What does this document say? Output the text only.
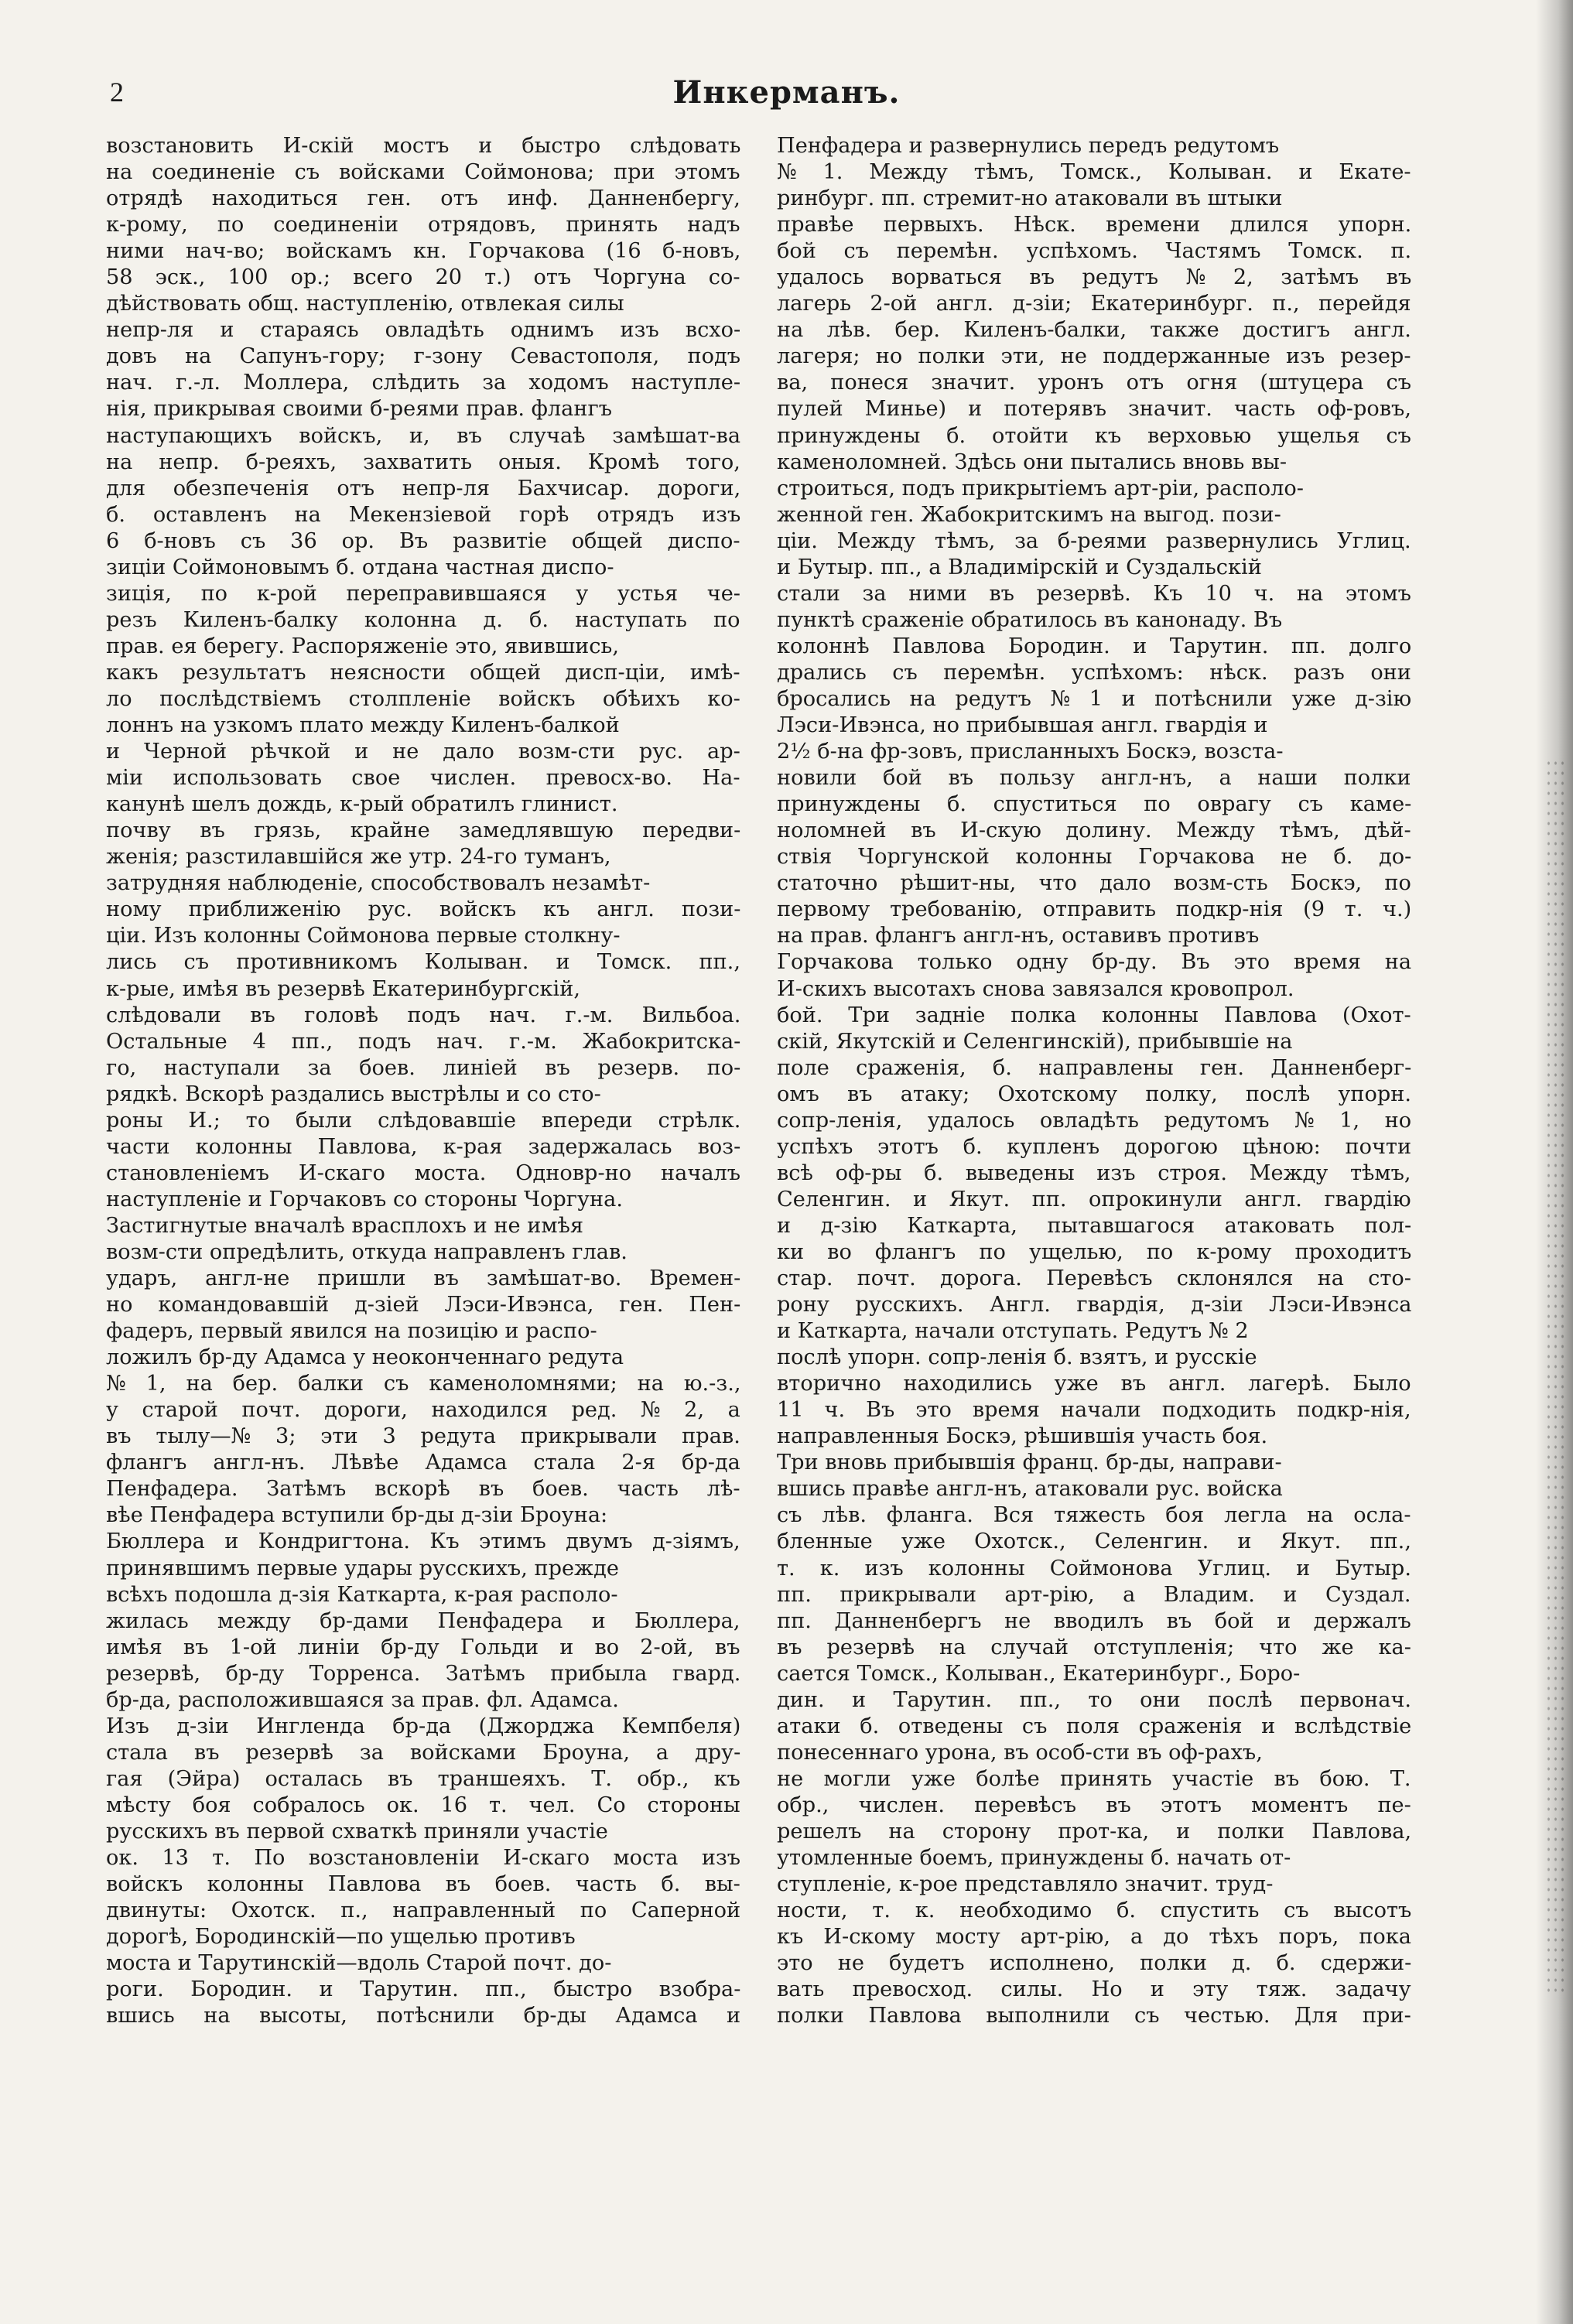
2	Инкерманъ.
возстановить И-скій мостъ и быстро слѣдовать
на соединеніе съ войсками Соймонова; при этомъ
отрядѣ находиться ген. отъ инф. Данненбергу,
к-рому, по соединеніи отрядовъ, принять надъ
ними нач-во; войскамъ кн. Горчакова (16 б-новъ,
58 эск., 100 ор.; всего 20 т.) отъ Чоргуна со-
дѣйствовать общ. наступленію, отвлекая силы
непр-ля и стараясь овладѣть однимъ изъ всхо-
довъ на Сапунъ-гору; г-зону Севастополя, подъ
нач. г.-л. Моллера, слѣдить за ходомъ наступле-
нія, прикрывая своими б-реями прав. флангъ
наступающихъ войскъ, и, въ случаѣ замѣшат-ва
на непр. б-реяхъ, захватить оныя. Кромѣ того,
для обезпеченія отъ непр-ля Бахчисар. дороги,
б. оставленъ на Мекензіевой горѣ отрядъ изъ
6 б-новъ съ 36 ор. Въ развитіе общей диспо-
зиціи Соймоновымъ б. отдана частная диспо-
зиція, по к-рой переправившаяся у устья че-
резъ Киленъ-балку колонна д. б. наступать по
прав. ея берегу. Распоряженіе это, явившись,
какъ результатъ неясности общей дисп-ціи, имѣ-
ло послѣдствіемъ столпленіе войскъ обѣихъ ко-
лоннъ на узкомъ плато между Киленъ-балкой
и Черной рѣчкой и не дало возм-сти рус. ар-
міи использовать свое числен. превосх-во. На-
канунѣ шелъ дождь, к-рый обратилъ глинист.
почву въ грязь, крайне замедлявшую передви-
женія; разстилавшійся же утр. 24-го туманъ,
затрудняя наблюденіе, способствовалъ незамѣт-
ному приближенію рус. войскъ къ англ. пози-
ціи. Изъ колонны Соймонова первые столкну-
лись съ противникомъ Колыван. и Томск. пп.,
к-рые, имѣя въ резервѣ Екатеринбургскій,
слѣдовали въ головѣ подъ нач. г.-м. Вильбоа.
Остальные 4 пп., подъ нач. г.-м. Жабокритска-
го, наступали за боев. линіей въ резерв. по-
рядкѣ. Вскорѣ раздались выстрѣлы и со сто-
роны И.; то были слѣдовавшіе впереди стрѣлк.
части колонны Павлова, к-рая задержалась воз-
становленіемъ И-скаго моста. Одновр-но началъ
наступленіе и Горчаковъ со стороны Чоргуна.
Застигнутые вначалѣ врасплохъ и не имѣя
возм-сти опредѣлить, откуда направленъ глав.
ударъ, англ-не пришли въ замѣшат-во. Времен-
но командовавшій д-зіей Лэси-Ивэнса, ген. Пен-
фадеръ, первый явился на позицію и распо-
ложилъ бр-ду Адамса у неоконченнаго редута
№ 1, на бер. балки съ каменоломнями; на ю.-з.,
у старой почт. дороги, находился ред. № 2, а
въ тылу—№ 3; эти 3 редута прикрывали прав.
флангъ англ-нъ. Лѣвѣе Адамса стала 2-я бр-да
Пенфадера. Затѣмъ вскорѣ въ боев. часть лѣ-
вѣе Пенфадера вступили бр-ды д-зіи Броуна:
Бюллера и Кондригтона. Къ этимъ двумъ д-зіямъ,
принявшимъ первые удары русскихъ, прежде
всѣхъ подошла д-зія Каткарта, к-рая располо-
жилась между бр-дами Пенфадера и Бюллера,
имѣя въ 1-ой линіи бр-ду Гольди и во 2-ой, въ
резервѣ, бр-ду Торренса. Затѣмъ прибыла гвард.
бр-да, расположившаяся за прав. фл. Адамса.
Изъ д-зіи Ингленда бр-да (Джорджа Кемпбеля)
стала въ резервѣ за войсками Броуна, а дру-
гая (Эйра) осталась въ траншеяхъ. Т. обр., къ
мѣсту боя собралось ок. 16 т. чел. Со стороны
русскихъ въ первой схваткѣ приняли участіе
ок. 13 т. По возстановленіи И-скаго моста изъ
войскъ колонны Павлова въ боев. часть б. вы-
двинуты: Охотск. п., направленный по Саперной
дорогѣ, Бородинскій—по ущелью противъ
моста и Тарутинскій—вдоль Старой почт. до-
роги. Бородин. и Тарутин. пп., быстро взобра-
вшись на высоты, потѣснили бр-ды Адамса и
Пенфадера и развернулись передъ редутомъ
№ 1. Между тѣмъ, Томск., Колыван. и Екате-
ринбург. пп. стремит-но атаковали въ штыки
правѣе первыхъ. Нѣск. времени длился упорн.
бой съ перемѣн. успѣхомъ. Частямъ Томск. п.
удалось ворваться въ редутъ № 2, затѣмъ въ
лагерь 2-ой англ. д-зіи; Екатеринбург. п., перейдя
на лѣв. бер. Киленъ-балки, также достигъ англ.
лагеря; но полки эти, не поддержанные изъ резер-
ва, понеся значит. уронъ отъ огня (штуцера съ
пулей Минье) и потерявъ значит. часть оф-ровъ,
принуждены б. отойти къ верховью ущелья съ
каменоломней. Здѣсь они пытались вновь вы-
строиться, подъ прикрытіемъ арт-ріи, располо-
женной ген. Жабокритскимъ на выгод. пози-
ціи. Между тѣмъ, за б-реями развернулись Углиц.
и Бутыр. пп., а Владимірскій и Суздальскій
стали за ними въ резервѣ. Къ 10 ч. на этомъ
пунктѣ сраженіе обратилось въ канонаду. Въ
колоннѣ Павлова Бородин. и Тарутин. пп. долго
дрались съ перемѣн. успѣхомъ: нѣск. разъ они
бросались на редутъ № 1 и потѣснили уже д-зію
Лэси-Ивэнса, но прибывшая англ. гвардія и
2½ б-на фр-зовъ, присланныхъ Боскэ, возста-
новили бой въ пользу англ-нъ, а наши полки
принуждены б. спуститься по оврагу съ каме-
ноломней въ И-скую долину. Между тѣмъ, дѣй-
ствія Чоргунской колонны Горчакова не б. до-
статочно рѣшит-ны, что дало возм-сть Боскэ, по
первому требованію, отправить подкр-нія (9 т. ч.)
на прав. флангъ англ-нъ, оставивъ противъ
Горчакова только одну бр-ду. Въ это время на
И-скихъ высотахъ снова завязался кровопрол.
бой. Три задніе полка колонны Павлова (Охот-
скій, Якутскій и Селенгинскій), прибывшіе на
поле сраженія, б. направлены ген. Данненберг-
омъ въ атаку; Охотскому полку, послѣ упорн.
сопр-ленія, удалось овладѣть редутомъ № 1, но
успѣхъ этотъ б. купленъ дорогою цѣною: почти
всѣ оф-ры б. выведены изъ строя. Между тѣмъ,
Селенгин. и Якут. пп. опрокинули англ. гвардію
и д-зію Каткарта, пытавшагося атаковать пол-
ки во флангъ по ущелью, по к-рому проходитъ
стар. почт. дорога. Перевѣсъ склонялся на сто-
рону русскихъ. Англ. гвардія, д-зіи Лэси-Ивэнса
и Каткарта, начали отступать. Редутъ № 2
послѣ упорн. сопр-ленія б. взятъ, и русскіе
вторично находились уже въ англ. лагерѣ. Было
11 ч. Въ это время начали подходить подкр-нія,
направленныя Боскэ, рѣшившія участь боя.
Три вновь прибывшія франц. бр-ды, направи-
вшись правѣе англ-нъ, атаковали рус. войска
съ лѣв. фланга. Вся тяжесть боя легла на осла-
бленные уже Охотск., Селенгин. и Якут. пп.,
т. к. изъ колонны Соймонова Углиц. и Бутыр.
пп. прикрывали арт-рію, а Владим. и Суздал.
пп. Данненбергъ не вводилъ въ бой и держалъ
въ резервѣ на случай отступленія; что же ка-
сается Томск., Колыван., Екатеринбург., Боро-
дин. и Тарутин. пп., то они послѣ первонач.
атаки б. отведены съ поля сраженія и вслѣдствіе
понесеннаго урона, въ особ-сти въ оф-рахъ,
не могли уже болѣе принять участіе въ бою. Т.
обр., числен. перевѣсъ въ этотъ моментъ пе-
решелъ на сторону прот-ка, и полки Павлова,
утомленные боемъ, принуждены б. начать от-
ступленіе, к-рое представляло значит. труд-
ности, т. к. необходимо б. спустить съ высотъ
къ И-скому мосту арт-рію, а до тѣхъ поръ, пока
это не будетъ исполнено, полки д. б. сдержи-
вать превосход. силы. Но и эту тяж. задачу
полки Павлова выполнили съ честью. Для при-
